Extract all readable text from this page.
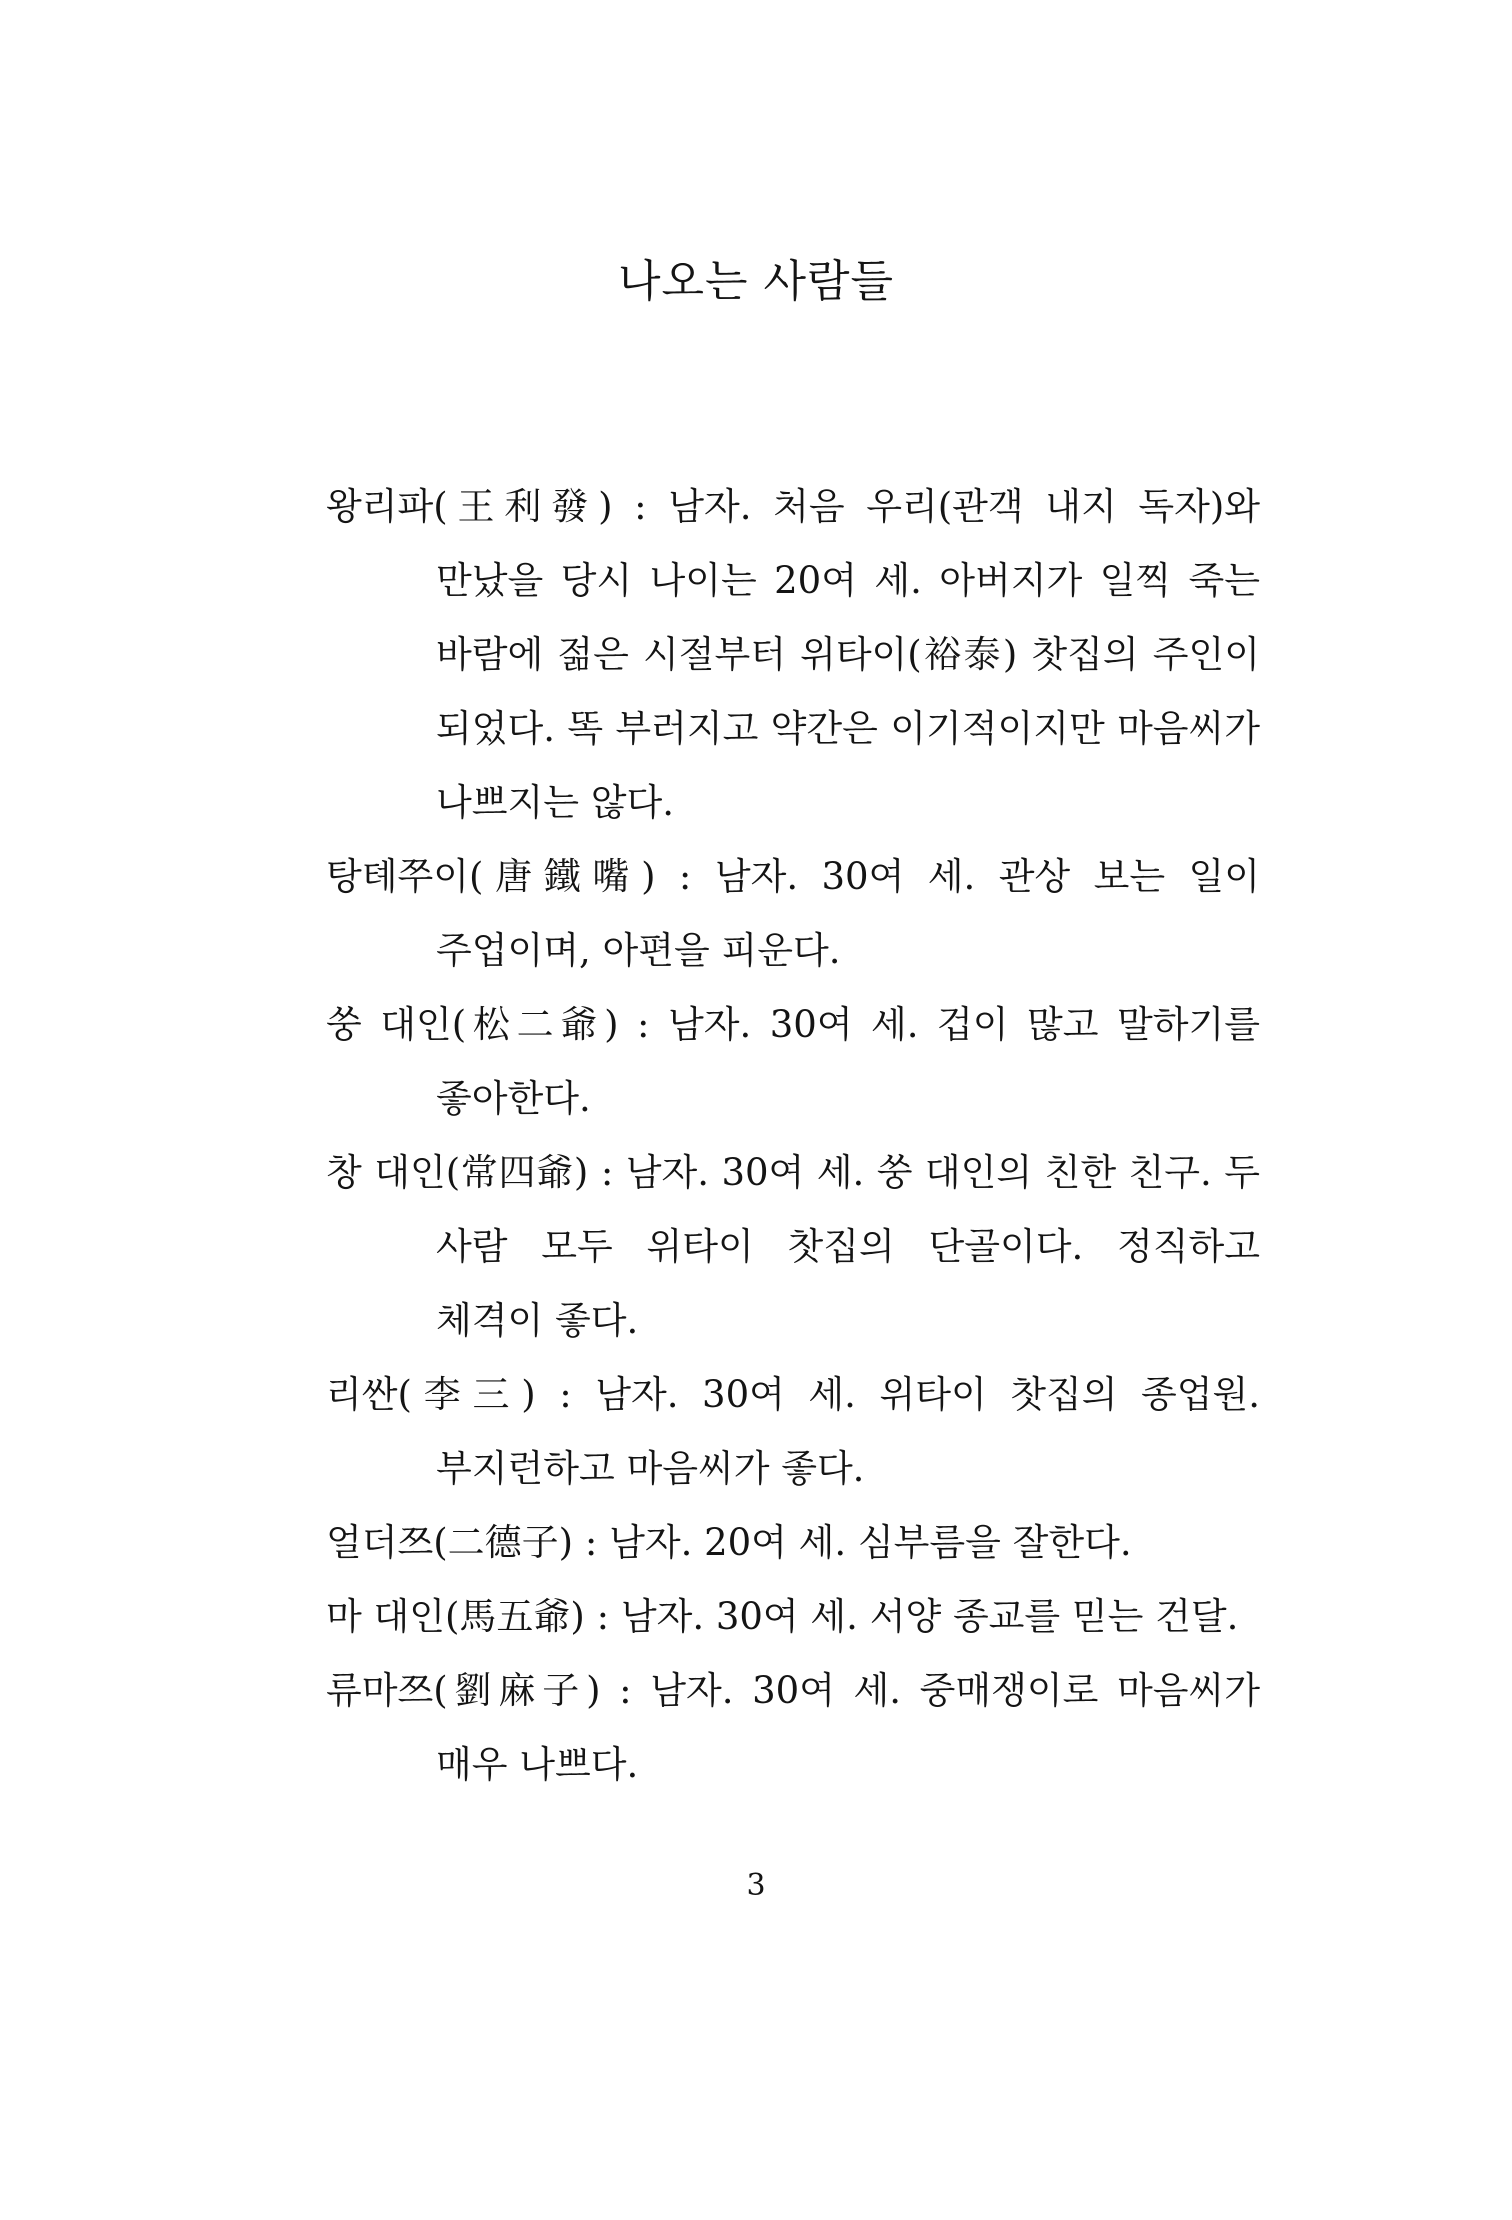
나오는 사람들
왕리파(王利發) : 남자. 처음 우리(관객 내지 독자)와 만났을 당시 나이는 20여 세. 아버지가 일찍 죽는 바람에 젊은 시절부터 위타이(裕泰) 찻집의 주인이 되었다. 똑 부러지고 약간은 이기적이지만 마음씨가 나쁘지는 않다.
탕톄쭈이(唐鐵嘴) : 남자. 30여 세. 관상 보는 일이 주업이며, 아편을 피운다.
쑹 대인(松二爺) : 남자. 30여 세. 겁이 많고 말하기를 좋아한다.
창 대인(常四爺) : 남자. 30여 세. 쑹 대인의 친한 친구. 두 사람 모두 위타이 찻집의 단골이다. 정직하고 체격이 좋다.
리싼(李三) : 남자. 30여 세. 위타이 찻집의 종업원. 부지런하고 마음씨가 좋다.
얼더쯔(二德子) : 남자. 20여 세. 심부름을 잘한다.
마 대인(馬五爺) : 남자. 30여 세. 서양 종교를 믿는 건달.
류마쯔(劉麻子) : 남자. 30여 세. 중매쟁이로 마음씨가 매우 나쁘다.
3
